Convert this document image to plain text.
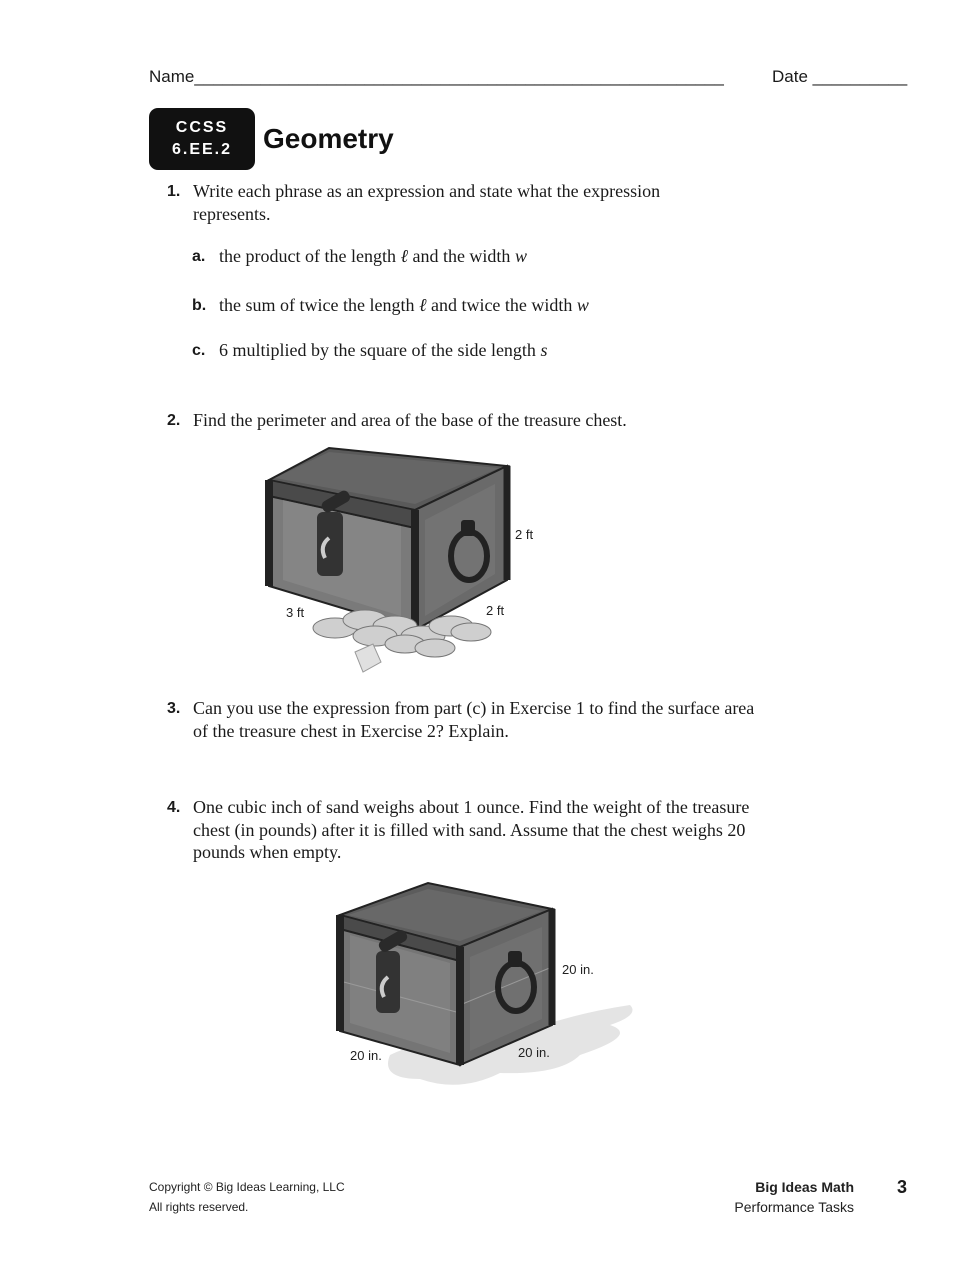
Name________________________________________________________	Date __________
CCSS
6.EE.2 Geometry
1. Write each phrase as an expression and state what the expression represents.
a. the product of the length ℓ and the width w
b. the sum of twice the length ℓ and twice the width w
c. 6 multiplied by the square of the side length s
2. Find the perimeter and area of the base of the treasure chest.
2 ft
3 ft	2 ft
3. Can you use the expression from part (c) in Exercise 1 to find the surface area of the treasure chest in Exercise 2? Explain.
4. One cubic inch of sand weighs about 1 ounce. Find the weight of the treasure chest (in pounds) after it is filled with sand. Assume that the chest weighs 20 pounds when empty.
20 in.
20 in.	20 in.
Copyright © Big Ideas Learning, LLC
All rights reserved.
Big Ideas Math
Performance Tasks
3
